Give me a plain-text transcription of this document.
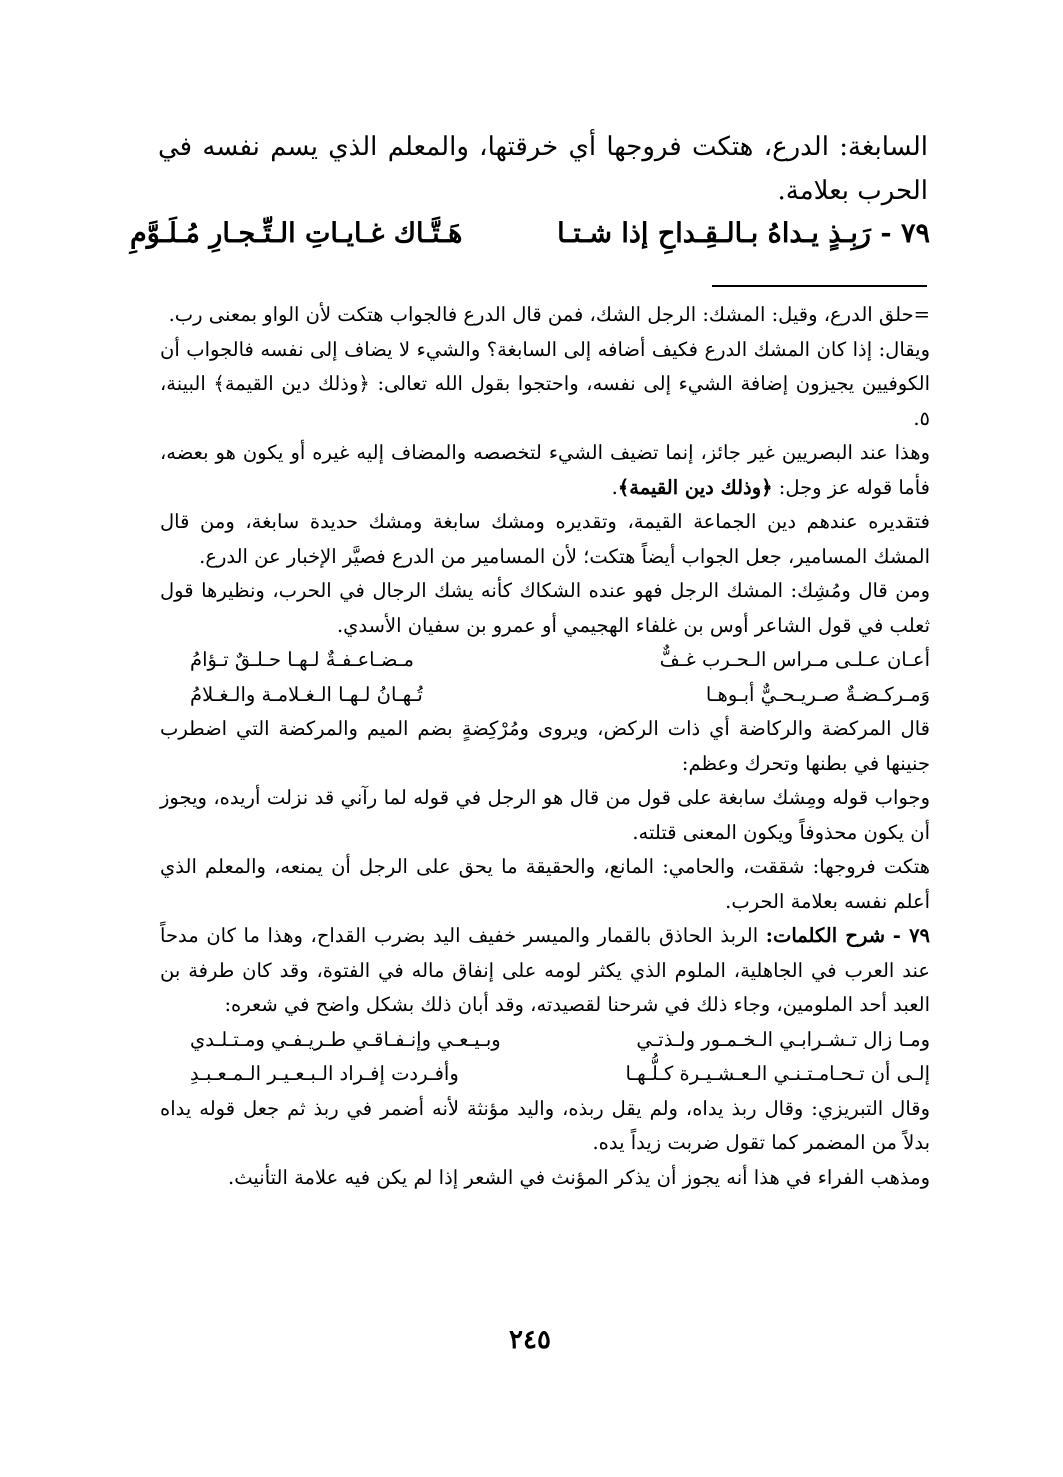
السابغة: الدرع، هتكت فروجها أي خرقتها، والمعلم الذي يسم نفسه في الحرب بعلامة.

٧٩ - رَبِـذٍ يـداهُ بـالـقِـداحِ إذا شـتـا
هَـتَّـاك غـايـاتِ الـتِّـجـارِ مُـلَـوَّمِ

=حلق الدرع، وقيل: المشك: الرجل الشك، فمن قال الدرع فالجواب هتكت لأن الواو بمعنى رب.

ويقال: إذا كان المشك الدرع فكيف أضافه إلى السابغة؟ والشيء لا يضاف إلى نفسه فالجواب أن الكوفيين يجيزون إضافة الشيء إلى نفسه، واحتجوا بقول الله تعالى: ﴿وذلك دين القيمة﴾ البينة، ٥.

وهذا عند البصريين غير جائز، إنما تضيف الشيء لتخصصه والمضاف إليه غيره أو يكون هو بعضه، فأما قوله عز وجل: ﴿وذلك دين القيمة﴾.

فتقديره عندهم دين الجماعة القيمة، وتقديره ومشك سابغة ومشك حديدة سابغة، ومن قال المشك المسامير، جعل الجواب أيضاً هتكت؛ لأن المسامير من الدرع فصيَّر الإخبار عن الدرع.

ومن قال ومُشِك: المشك الرجل فهو عنده الشكاك كأنه يشك الرجال في الحرب، ونظيرها قول ثعلب في قول الشاعر أوس بن غلفاء الهجيمي أو عمرو بن سفيان الأسدي.

أعـان عـلـى مـراس الـحـرب غـفٌّ
مـضـاعـفـةٌ لـهـا حـلـقٌ تـؤامُ
وَمـركـضـةٌ صـريـحـيٌّ أبـوهـا
تُـهـانُ لـهـا الـغـلامـة والـغـلامُ

قال المركضة والركاضة أي ذات الركض، ويروى ومُرْكِضةٍ بضم الميم والمركضة التي اضطرب جنينها في بطنها وتحرك وعظم:

وجواب قوله ومِشك سابغة على قول من قال هو الرجل في قوله لما رآني قد نزلت أريده، ويجوز أن يكون محذوفاً ويكون المعنى قتلته.

هتكت فروجها: شققت، والحامي: المانع، والحقيقة ما يحق على الرجل أن يمنعه، والمعلم الذي أعلم نفسه بعلامة الحرب.

٧٩ - شرح الكلمات: الربذ الحاذق بالقمار والميسر خفيف اليد بضرب القداح، وهذا ما كان مدحاً عند العرب في الجاهلية، الملوم الذي يكثر لومه على إنفاق ماله في الفتوة، وقد كان طرفة بن العبد أحد الملومين، وجاء ذلك في شرحنا لقصيدته، وقد أبان ذلك بشكل واضح في شعره:

ومـا زال تـشـرابـي الـخـمـور ولـذتـي
وبـيـعـي وإنـفـاقـي طـريـفـي ومـتـلـدي
إلـى أن تـحـامـتـنـي الـعـشـيـرة كـلُّـهـا
وأفـردت إفـراد الـبـعـيـر الـمـعـبـدِ

وقال التبريزي: وقال ربذ يداه، ولم يقل ربذه، واليد مؤنثة لأنه أضمر في ربذ ثم جعل قوله يداه بدلاً من المضمر كما تقول ضربت زيداً يده.

ومذهب الفراء في هذا أنه يجوز أن يذكر المؤنث في الشعر إذا لم يكن فيه علامة التأنيث.

٢٤٥
